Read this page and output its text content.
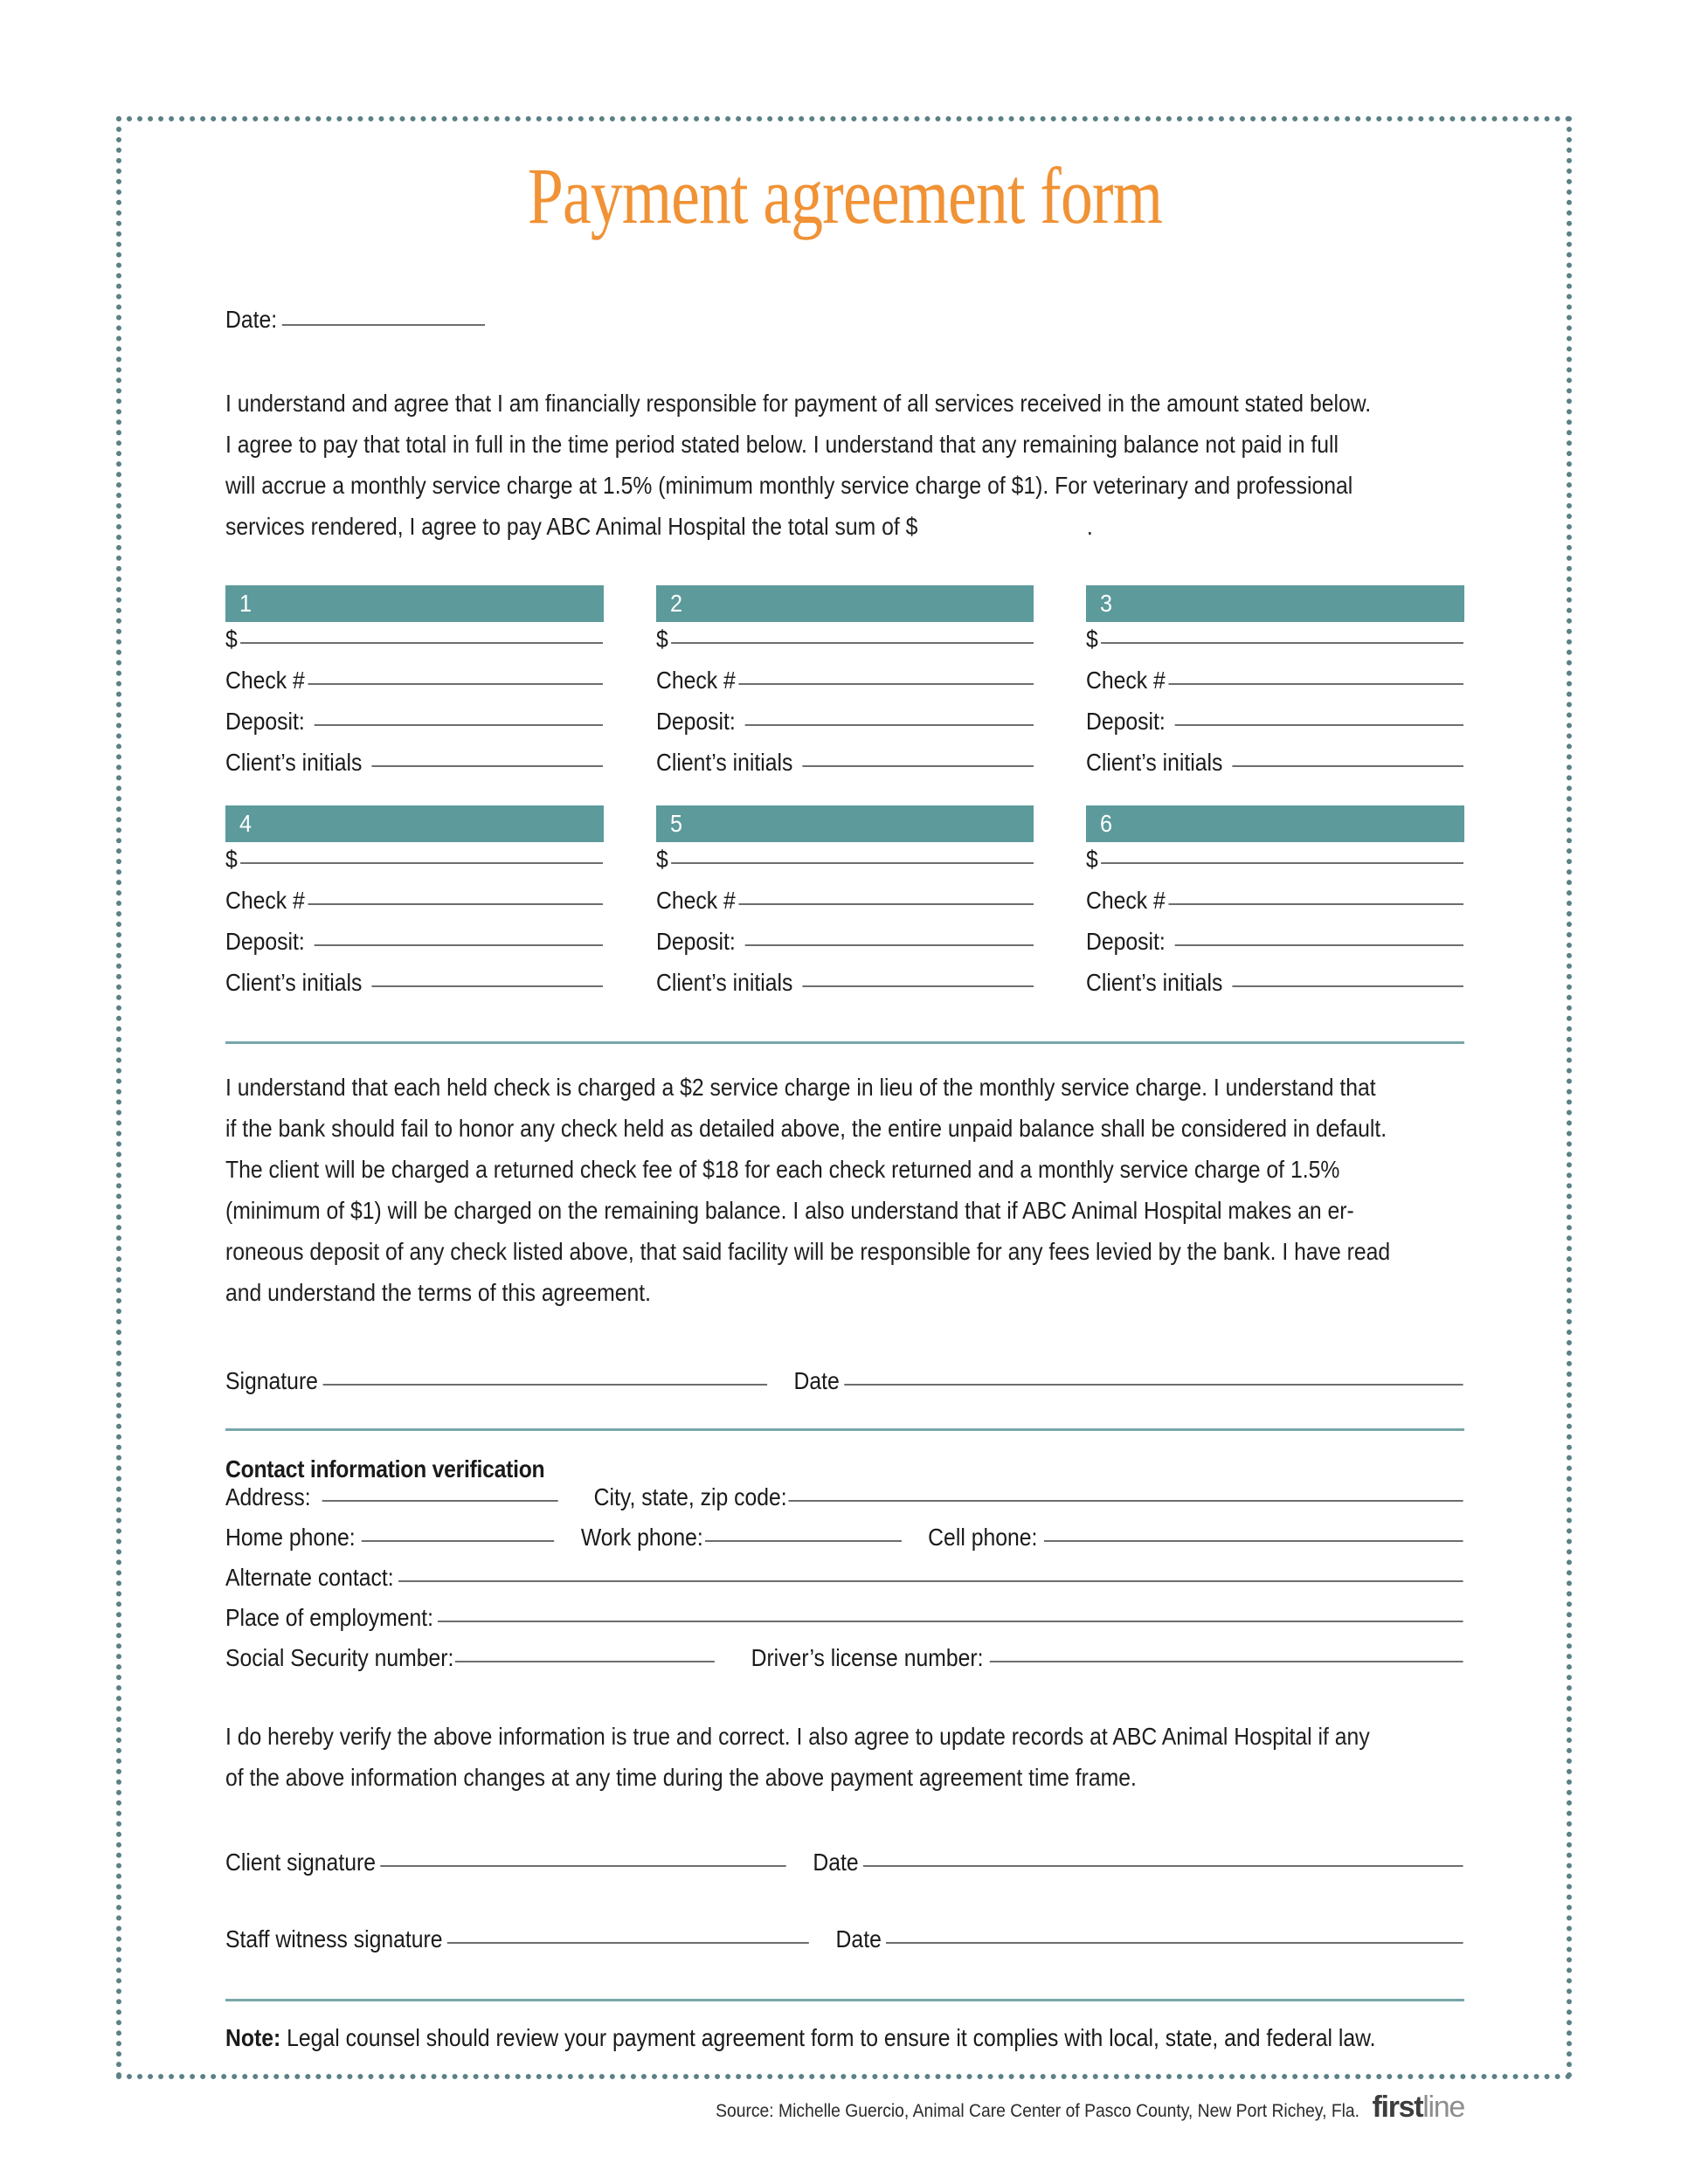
Payment agreement form
Date:

I understand and agree that I am financially responsible for payment of all services received in the amount stated below.

I agree to pay that total in full in the time period stated below. I understand that any remaining balance not paid in full

will accrue a monthly service charge at 1.5% (minimum monthly service charge of $1). For veterinary and professional

services rendered, I agree to pay ABC Animal Hospital the total sum of $	.

1
$
Check #
Deposit:
Client’s initials
2
$
Check #
Deposit:
Client’s initials
3
$
Check #
Deposit:
Client’s initials
4
$
Check #
Deposit:
Client’s initials
5
$
Check #
Deposit:
Client’s initials
6
$
Check #
Deposit:
Client’s initials

I understand that each held check is charged a $2 service charge in lieu of the monthly service charge. I understand that

if the bank should fail to honor any check held as detailed above, the entire unpaid balance shall be considered in default.

The client will be charged a returned check fee of $18 for each check returned and a monthly service charge of 1.5%

(minimum of $1) will be charged on the remaining balance. I also understand that if ABC Animal Hospital makes an er-

roneous deposit of any check listed above, that said facility will be responsible for any fees levied by the bank. I have read

and understand the terms of this agreement.

Signature	Date
Contact information verification
Address:	City, state, zip code:
Home phone:	Work phone:	Cell phone:
Alternate contact:
Place of employment:
Social Security number:	Driver’s license number:

I do hereby verify the above information is true and correct. I also agree to update records at ABC Animal Hospital if any

of the above information changes at any time during the above payment agreement time frame.

Client signature	Date
Staff witness signature	Date
Note: Legal counsel should review your payment agreement form to ensure it complies with local, state, and federal law.
Source: Michelle Guercio, Animal Care Center of Pasco County, New Port Richey, Fla. firstline
